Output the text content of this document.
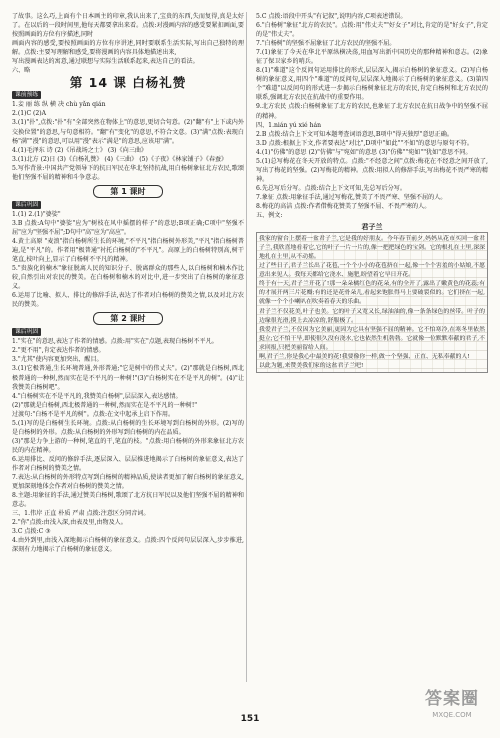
了故事。这么巧,上面有个日本画主的印章,我认出来了,宝贵的东西,失而复得,真是太好了。在以后的一段时间里,他每天都要拿出来看。点拨:对漫画内容的感受要紧扣画面,要按照画面的方位有序描述,同时

画面内容的感受,要按照画面的方位有序讲述,同时要联系生活实际,写出自己独特的理解。点拨:主要写理解和感受,要将漫画的内容具体地描述出来,

写出漫画表达的寓意,通过联想与实际生活联系起来,表达自己的看法。

六、略

第 14 课 白杨礼赞
课前预练

1.妾 丽 练 纵 横 决 chù yǎn qián

2.(1)C (2)A

3.(1)"扑",点拨:"扑"有"全部突然在物体上"的意思,更切合句意。(2)"翻"有"上下或内外交换位置"的意思,与句意相符。"翻"有"变化"的意思,不符合文意。(3)"满"点拨:表现白杨"满""漫"的意思,可以用"漫"表示"满是"的意思,应该用"满"。

4.(1)毛泽东 诗 (2)《吊战场之士》 (3)《向三曲》

3.(1)北方 (2)日 (3)《白杨礼赞》 (4)《三曲》 (5)《子夜》《林家铺子》《春蚕》

5.写作背景:中国共产党领导下的抗日军民在华北坚持抗战,用白杨树象征北方农民,歌颂他们坚强不屈的精神和斗争意志。

第 1 课时
课后巩固

1.(1) 2.(1)"婆娑"

3.B 点拨:A句中"婆娑"应为"树枝在风中摇摆的样子"的意思;B项正确;C项中"坚强不屈"应为"坚强不屈";D句中"高"应为"高应"。

4.黄土高原 "麦浪"指白杨树所生长的环境,"不平凡"指白杨树外形美,"平凡"指白杨树普遍,是"平凡"的。作者用"极普通"衬托白杨树的"不平凡"。高原上的白杨树特别高,树干笔直,枝叶向上,显示了白杨树不平凡的精神。

5."贵族化的楠木"象征脱离人民的知识分子、脱离群众的那些人,以白杨树和楠木作比较,自然引出对农民的赞美。在白杨树和楠木的对比中,进一步突出了白杨树的象征意义。

6.运用了比喻、拟人、排比的修辞手法,表达了作者对白杨树的赞美之情,以及对北方农民的赞美。

第 2 课时
课后巩固

1."实在"的意思,表达了作者的情感。点拨:用"实在"点题,表现白杨树不平凡。

2."更不用",肯定表达作者的情感。

3."尤其"使内容更加突出、醒目。

3.(1)它极普通,生长环境普通,外形普通;"它是树中的伟丈夫"。(2)"那就是白杨树,西北极普通的一种树,然而实在是不平凡的一种树!"(3)"白杨树实在不是平凡的树"。(4)"让我赞美白杨树吧"。

4."白杨树实在不是平凡的,我赞美白杨树",层层深入,表达感情。

(2)"那就是白杨树,西北极普通的一种树,然而实在是不平凡的一种树!"

过渡句:"白杨不是平凡的树"。点拨:在文中起承上启下作用。

5.(1)写的是白杨树生长环境。点拨:从白杨树的生长环境写到白杨树的外形。(2)写的是白杨树的外形。点拨:从白杨树的外形写到白杨树的内在品质。

(3)"那是力争上游的一种树,笔直的干,笔直的枝。"点拨:用白杨树的外形来象征北方农民的内在精神。

6.运用排比、反问的修辞手法,逐层深入、层层推进地揭示了白杨树的象征意义,表达了作者对白杨树的赞美之情。

7.表达:从白杨树的外形特点写到白杨树的精神品质,使读者更加了解白杨树的象征意义,更加深刻地体会作者对白杨树的赞美之情。

8.主题:用象征的手法,通过赞美白杨树,歌颂了北方抗日军民以及他们坚强不屈的精神和意志。

三、1.伟岸 正直 朴质 严肃 点拨:注意区分同音词。

2."你"点拨:由浅入深,由表及里,由物及人。

3.C 点拨:C ③

4.由外到里,由浅入深地揭示白杨树的象征意义。点拨:四个反问句层层深入,步步推进,深刻有力地揭示了白杨树的象征意义。

5.C 点拨:语段中开头"有记叙",说明内容,C项表述错误。

6."白杨树"象征"北方的农民"。点拨:用"伟丈夫""好女子"对比,肯定的是"好女子",肯定的是"伟丈夫"。

7."白杨树"的坚强不屈象征了北方农民的坚强不屈。

7.(1)象征了今天在华北平原纵横决荡,用血写出新中国历史的那种精神和意志。(2)象征了保卫家乡的哨兵。

8.(1)"难道"这个反问句运用排比的形式,层层深入,揭示白杨树的象征意义。(2)写白杨树的象征意义,用四个"难道"的反问句,层层深入地揭示了白杨树的象征意义。(3)第四个"难道"以反问句的形式进一步揭示白杨树象征北方的农民,肯定白杨树和北方农民的联系,强调北方农民在抗战中的重要作用。

9.北方农民 点拨:白杨树象征了北方的农民,也象征了北方农民在抗日战争中的坚强不屈的精神。

四、1.nián yú xié hán

2.B 点拨:结合上下文可知本题考查词语意思,B项中"得天独厚"意思正确。

3.D 点拨:根据上下文,作者要表达"对比",D项中"如此""不如"的意思与原句不符。

4.(1)"仿佛"的意思 (2)"仿佛"与"宛如"的意思 (3)"仿佛""宛如""犹如"意思不同。

5.(1)总写梅花在冬天开放的特点。点拨:"不经意之间"点拨:梅花在不经意之间开放了,写出了梅花的坚强。(2)写梅花的精神。点拨:用拟人的修辞手法,写出梅花不畏严寒的精神。

6.先总写后分写。点拨:结合上下文可知,先总写后分写。

7.象征 点拨:用象征手法,通过写梅花,赞美了不畏严寒、坚强不屈的人。

8.梅花的高洁 点拨:作者借梅花赞美了坚强不屈、不畏严寒的人。

五、例文:

君子兰

我家的窗台上摆着一盆君子兰,它是我的好朋友。今年春节前夕,妈妈从花市买回一盆君子兰,我欣喜地看着它,它的叶子一片一片的,像一把把绿色的宝剑。它的根扎在土里,深深地扎在土里,从不动摇。

过了些日子,君子兰长出了花苞,一个个小小的花苞挤在一起,像一个个害羞的小姑娘,不愿意出来见人。我每天都给它浇水、施肥,盼望着它早日开花。

终于有一天,君子兰开花了!那一朵朵橘红色的花朵,有的全开了,露出了嫩黄色的花蕊;有的才展开两三片花瓣;有的还是花骨朵儿,看起来饱胀得马上要破裂似的。它们挤在一起,就像一个个小喇叭在吹奏着春天的乐曲。

君子兰不仅花美,叶子也美。它的叶子又宽又长,绿油油的,像一条条绿色的丝带。叶子的边缘很光滑,摸上去凉凉的,舒服极了。

我爱君子兰,不仅因为它美丽,更因为它具有坚强不屈的精神。它不怕寒冷,在寒冬里依然挺立;它不怕干旱,即使很久没有浇水,它也依然生机勃勃。它就像一位默默奉献的君子,不求回报,只把美丽留给人间。

啊,君子兰,你是我心中最美的花!我要像你一样,做一个坚强、正直、无私奉献的人!

以此为题,来赞美我们家的这盆君子兰吧!

151
答案圈
MXQE.COM
